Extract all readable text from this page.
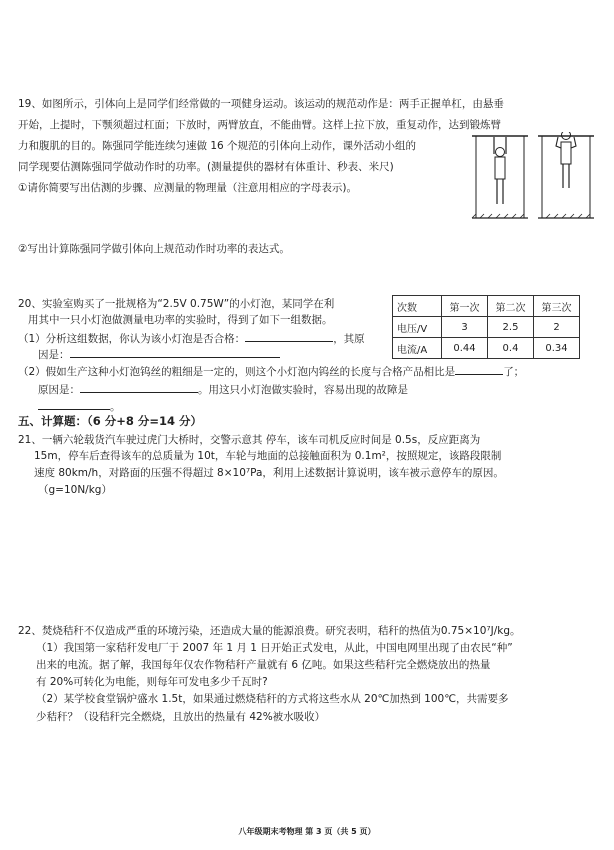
19、如图所示，引体向上是同学们经常做的一项健身运动。该运动的规范动作是：两手正握单杠，由悬垂
开始，上提时，下颚须超过杠面；下放时，两臂放直，不能曲臂。这样上拉下放，重复动作，达到锻炼臂
力和腹肌的目的。陈强同学能连续匀速做 16 个规范的引体向上动作，课外活动小组的
同学现要估测陈强同学做动作时的功率。(测量提供的器材有体重计、秒表、米尺)
①请你简要写出估测的步骤、应测量的物理量（注意用相应的字母表示)。
②写出计算陈强同学做引体向上规范动作时功率的表达式。
20、实验室购买了一批规格为“2.5V 0.75W”的小灯泡，某同学在利
用其中一只小灯泡做测量电功率的实验时，得到了如下一组数据。
（1）分析这组数据，你认为该小灯泡是否合格：	，其原
因是：
（2）假如生产这种小灯泡钨丝的粗细是一定的，则这个小灯泡内钨丝的长度与合格产品相比是	了；
原因是：	。用这只小灯泡做实验时，容易出现的故障是
。
次数	第一次	第二次	第三次
电压/V	3	2.5	2
电流/A	0.44	0.4	0.34
五、计算题：（6 分+8 分=14 分）
21、一辆六轮载货汽车驶过虎门大桥时，交警示意其 停车，该车司机反应时间是 0.5s，反应距离为
15m，停车后查得该车的总质量为 10t，车轮与地面的总接触面积为 0.1m²，按照规定，该路段限制
速度 80km/h，对路面的压强不得超过 8×10⁷Pa，利用上述数据计算说明，该车被示意停车的原因。
（g=10N/kg）
22、焚烧秸秆不仅造成严重的环境污染，还造成大量的能源浪费。研究表明，秸秆的热值为0.75×10⁷J/kg。
（1）我国第一家秸秆发电厂于 2007 年 1 月 1 日开始正式发电，从此，中国电网里出现了由农民“种”
出来的电流。据了解，我国每年仅农作物秸秆产量就有 6 亿吨。如果这些秸秆完全燃烧放出的热量
有 20%可转化为电能，则每年可发电多少千瓦时?
（2）某学校食堂锅炉盛水 1.5t，如果通过燃烧秸秆的方式将这些水从 20℃加热到 100℃，共需要多
少秸秆？（设秸秆完全燃烧，且放出的热量有 42%被水吸收）
八年级期末考物理 第 3 页（共 5 页）
